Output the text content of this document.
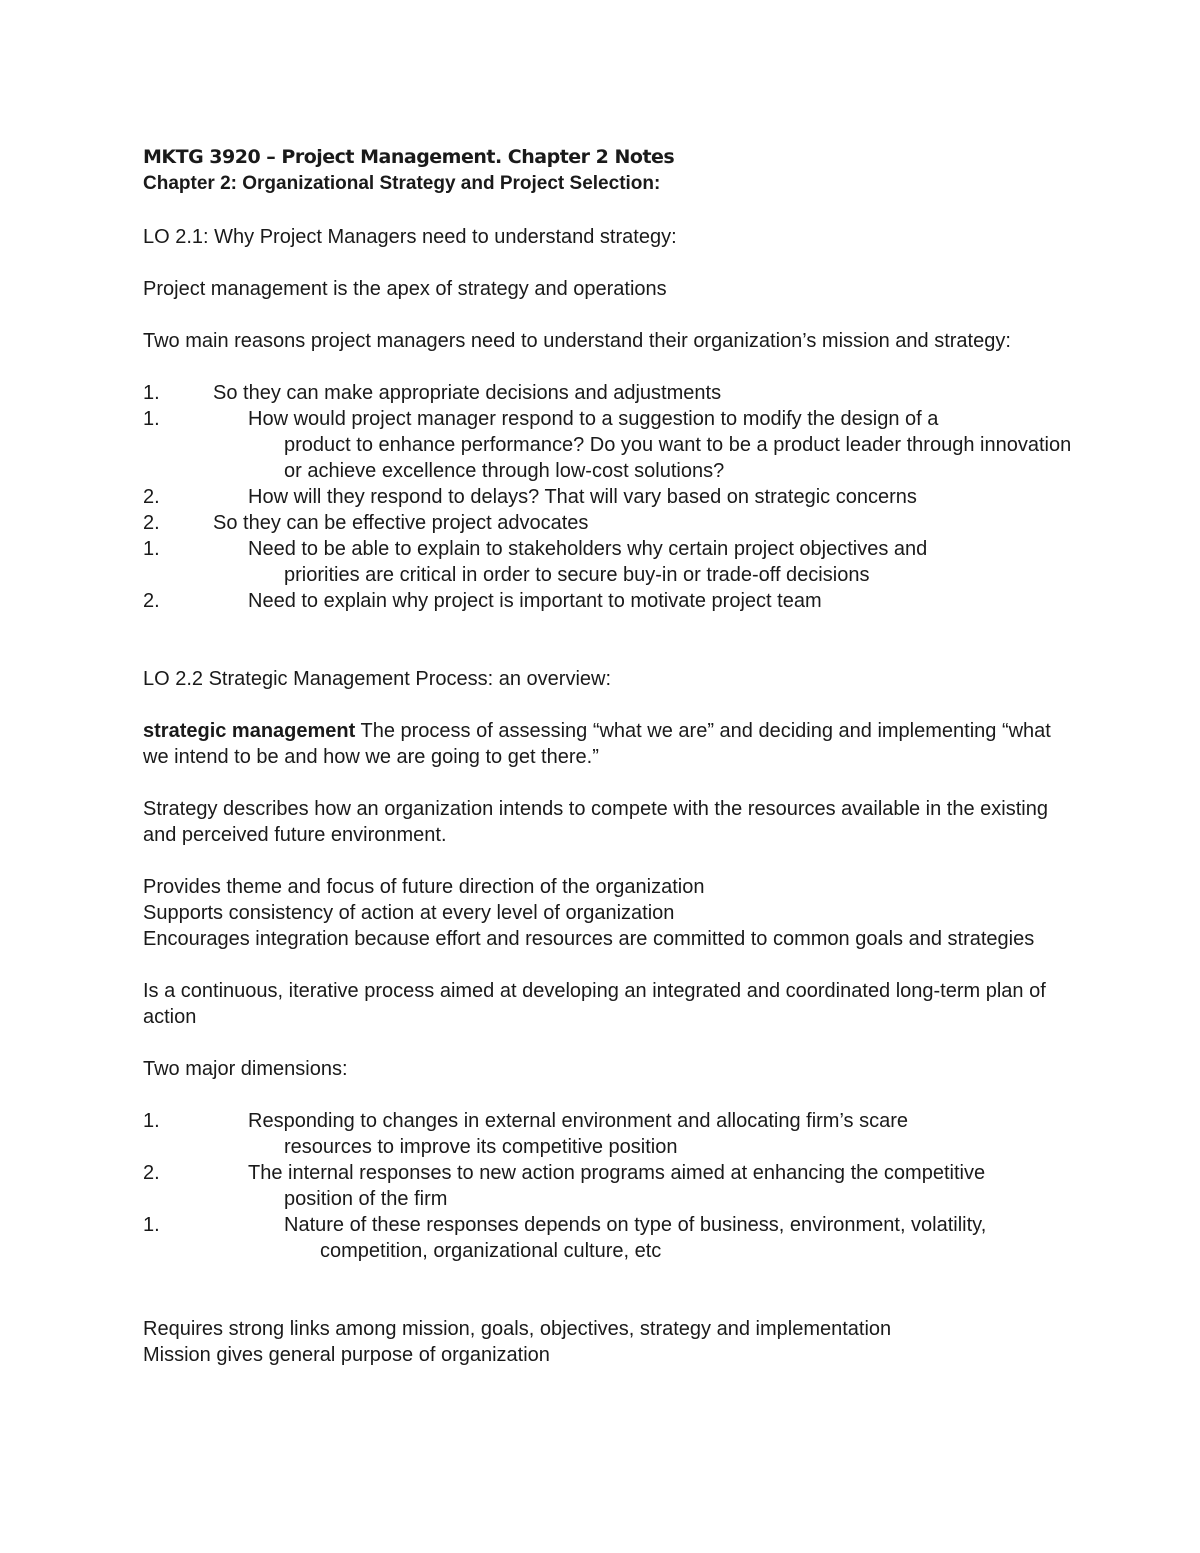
MKTG 3920 – Project Management. Chapter 2 Notes

Chapter 2: Organizational Strategy and Project Selection:

LO 2.1: Why Project Managers need to understand strategy:

Project management is the apex of strategy and operations

Two main reasons project managers need to understand their organization’s mission and strategy:

1.	So they can make appropriate decisions and adjustments
1.	How would project manager respond to a suggestion to modify the design of a
product to enhance performance? Do you want to be a product leader through innovation or achieve excellence through low-cost solutions?
2.	How will they respond to delays? That will vary based on strategic concerns
2.	So they can be effective project advocates
1.	Need to be able to explain to stakeholders why certain project objectives and
priorities are critical in order to secure buy-in or trade-off decisions
2.	Need to explain why project is important to motivate project team

LO 2.2 Strategic Management Process: an overview:

strategic management The process of assessing “what we are” and deciding and implementing “what we intend to be and how we are going to get there.”

Strategy describes how an organization intends to compete with the resources available in the existing and perceived future environment.

Provides theme and focus of future direction of the organization

Supports consistency of action at every level of organization

Encourages integration because effort and resources are committed to common goals and strategies

Is a continuous, iterative process aimed at developing an integrated and coordinated long-term plan of action

Two major dimensions:

1.	Responding to changes in external environment and allocating firm’s scare
resources to improve its competitive position
2.	The internal responses to new action programs aimed at enhancing the competitive
position of the firm
1.	Nature of these responses depends on type of business, environment, volatility,
competition, organizational culture, etc

Requires strong links among mission, goals, objectives, strategy and implementation

Mission gives general purpose of organization
